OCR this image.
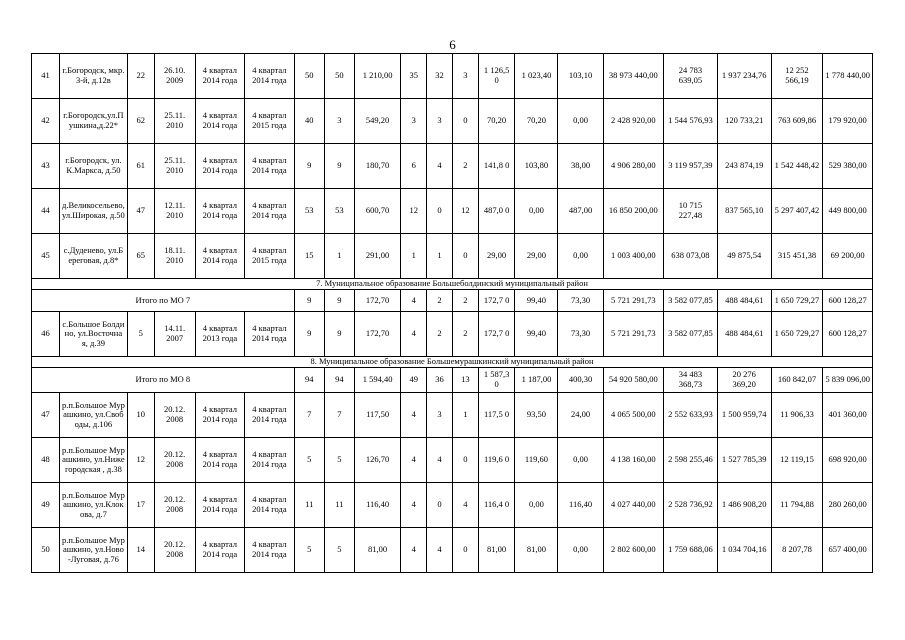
6
41	г.Богородск, мкр.3-й, д.12в	22	26.10. 2009	4 квартал 2014 года	4 квартал 2014 года	50	50	1 210,00	35	32	3	1 126,5 0	1 023,40	103,10	38 973 440,00	24 783 639,05	1 937 234,76	12 252 566,19	1 778 440,00
42	г.Богородск,ул.Пушкина,д.22*	62	25.11. 2010	4 квартал 2014 года	4 квартал 2015 года	40	3	549,20	3	3	0	70,20	70,20	0,00	2 428 920,00	1 544 576,93	120 733,21	763 609,86	179 920,00
43	г.Богородск, ул.К.Маркса, д.50	61	25.11. 2010	4 квартал 2014 года	4 квартал 2014 года	9	9	180,70	6	4	2	141,8 0	103,80	38,00	4 906 280,00	3 119 957,39	243 874,19	1 542 448,42	529 380,00
44	д.Великосельево, ул.Широкая, д.50	47	12.11. 2010	4 квартал 2014 года	4 квартал 2014 года	53	53	600,70	12	0	12	487,0 0	0,00	487,00	16 850 200,00	10 715 227,48	837 565,10	5 297 407,42	449 800,00
45	с.Дуденево, ул.Береговая, д.8*	65	18.11. 2010	4 квартал 2014 года	4 квартал 2015 года	15	1	291,00	1	1	0	29,00	29,00	0,00	1 003 400,00	638 073,08	49 875,54	315 451,38	69 200,00
7. Муниципальное образование Большеболдинский муниципальный район																			
Итого по МО 7						9	9	172,70	4	2	2	172,7 0	99,40	73,30	5 721 291,73	3 582 077,85	488 484,61	1 650 729,27	600 128,27
46	с.Большое Болдино, ул.Восточная, д.39	5	14.11. 2007	4 квартал 2013 года	4 квартал 2014 года	9	9	172,70	4	2	2	172,7 0	99,40	73,30	5 721 291,73	3 582 077,85	488 484,61	1 650 729,27	600 128,27
8. Муниципальное образование Большемурашкинский муниципальный район																			
Итого по МО 8						94	94	1 594,40	49	36	13	1 587,3 0	1 187,00	400,30	54 920 580,00	34 483 368,73	20 276 369,20	160 842,07	5 839 096,00
47	р.п.Большое Мурашкино, ул.Свободы, д.106	10	20.12. 2008	4 квартал 2014 года	4 квартал 2014 года	7	7	117,50	4	3	1	117,5 0	93,50	24,00	4 065 500,00	2 552 633,93	1 500 959,74	11 906,33	401 360,00
48	р.п.Большое Мурашкино, ул.Нижегородская , д.38	12	20.12. 2008	4 квартал 2014 года	4 квартал 2014 года	5	5	126,70	4	4	0	119,6 0	119,60	0,00	4 138 160,00	2 598 255,46	1 527 785,39	12 119,15	698 920,00
49	р.п.Большое Мурашкино, ул.Клокова, д.7	17	20.12. 2008	4 квартал 2014 года	4 квартал 2014 года	11	11	116,40	4	0	4	116,4 0	0,00	116,40	4 027 440,00	2 528 736,92	1 486 908,20	11 794,88	280 260,00
50	р.п.Большое Мурашкино, ул.Ново-Луговая, д.76	14	20.12. 2008	4 квартал 2014 года	4 квартал 2014 года	5	5	81,00	4	4	0	81,00	81,00	0,00	2 802 600,00	1 759 688,06	1 034 704,16	8 207,78	657 400,00
